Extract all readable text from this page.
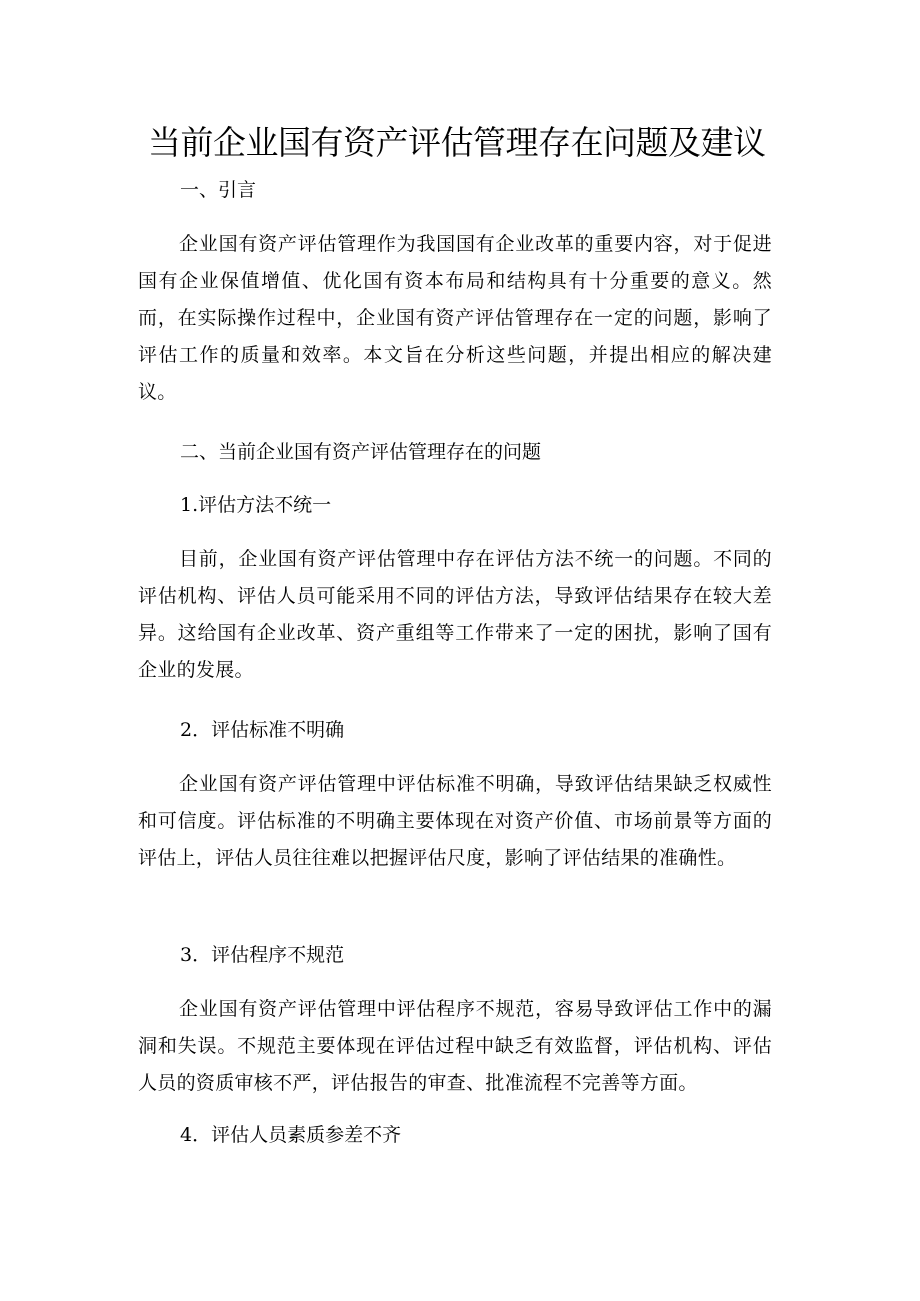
当前企业国有资产评估管理存在问题及建议

一、引言

企业国有资产评估管理作为我国国有企业改革的重要内容，对于促进国有企业保值增值、优化国有资本布局和结构具有十分重要的意义。然而，在实际操作过程中，企业国有资产评估管理存在一定的问题，影响了评估工作的质量和效率。本文旨在分析这些问题，并提出相应的解决建议。

二、当前企业国有资产评估管理存在的问题

1.评估方法不统一

目前，企业国有资产评估管理中存在评估方法不统一的问题。不同的评估机构、评估人员可能采用不同的评估方法，导致评估结果存在较大差异。这给国有企业改革、资产重组等工作带来了一定的困扰，影响了国有企业的发展。

2．评估标准不明确

企业国有资产评估管理中评估标准不明确，导致评估结果缺乏权威性和可信度。评估标准的不明确主要体现在对资产价值、市场前景等方面的评估上，评估人员往往难以把握评估尺度，影响了评估结果的准确性。

3．评估程序不规范

企业国有资产评估管理中评估程序不规范，容易导致评估工作中的漏洞和失误。不规范主要体现在评估过程中缺乏有效监督，评估机构、评估人员的资质审核不严，评估报告的审查、批准流程不完善等方面。

4．评估人员素质参差不齐
